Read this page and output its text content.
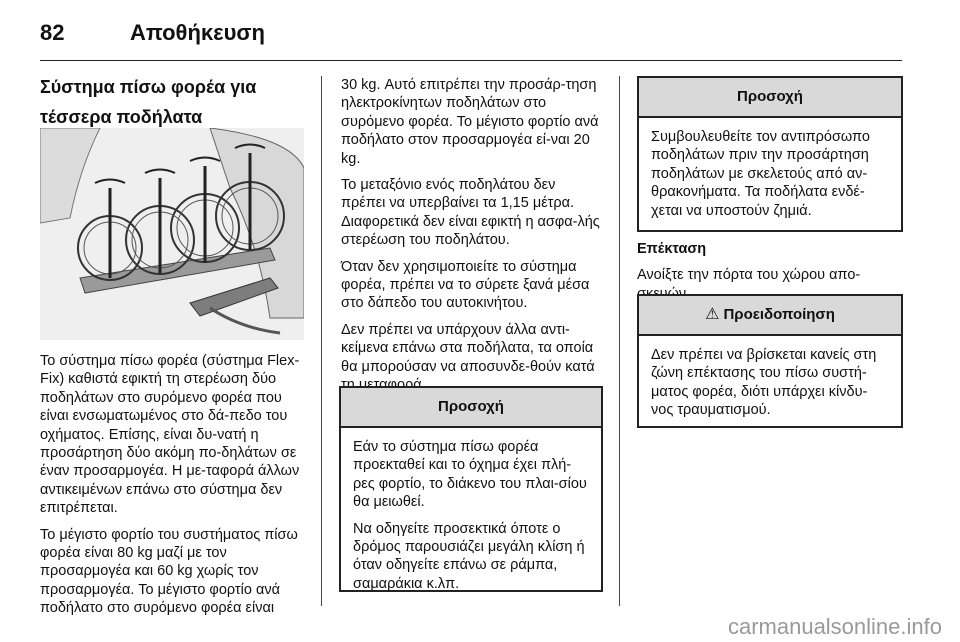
82	Αποθήκευση

Σύστημα πίσω φορέα για

τέσσερα ποδήλατα

Το σύστημα πίσω φορέα (σύστημα Flex-Fix) καθιστά εφικτή τη στερέωση δύο ποδηλάτων στο συρόμενο φορέα που είναι ενσωματωμένος στο δά-πεδο του οχήματος. Επίσης, είναι δυ-νατή η προσάρτηση δύο ακόμη πο-δηλάτων σε έναν προσαρμογέα. Η με-ταφορά άλλων αντικειμένων επάνω στο σύστημα δεν επιτρέπεται.

Το μέγιστο φορτίο του συστήματος πίσω φορέα είναι 80 kg μαζί με τον προσαρμογέα και 60 kg χωρίς τον προσαρμογέα. Το μέγιστο φορτίο ανά ποδήλατο στο συρόμενο φορέα είναι

30 kg. Αυτό επιτρέπει την προσάρ-τηση ηλεκτροκίνητων ποδηλάτων στο συρόμενο φορέα. Το μέγιστο φορτίο ανά ποδήλατο στον προσαρμογέα εί-ναι 20 kg.

Το μεταξόνιο ενός ποδηλάτου δεν πρέπει να υπερβαίνει τα 1,15 μέτρα. Διαφορετικά δεν είναι εφικτή η ασφα-λής στερέωση του ποδηλάτου.

Όταν δεν χρησιμοποιείτε το σύστημα φορέα, πρέπει να το σύρετε ξανά μέσα στο δάπεδο του αυτοκινήτου.

Δεν πρέπει να υπάρχουν άλλα αντι-κείμενα επάνω στα ποδήλατα, τα οποία θα μπορούσαν να αποσυνδε-θούν κατά

Προσοχή

Εάν το σύστημα πίσω φορέα προεκταθεί και το όχημα έχει πλή-ρες φορτίο, το διάκενο του πλαι-σίου θα μειωθεί.

Να οδηγείτε προσεκτικά όποτε ο δρόμος παρουσιάζει μεγάλη κλίση ή όταν οδηγείτε επάνω σε ράμπα, σαμαράκια κ.λπ.

Προσοχή
Συμβουλευθείτε τον αντιπρόσωπο ποδηλάτων πριν την προσάρτηση ποδηλάτων με σκελετούς από αν-θρακονήματα. Τα ποδήλατα ενδέ-χεται να υποστούν ζημιά.

Επέκταση

Ανοίξτε την πόρτα του χώρου απο-

⚠ Προειδοποίηση
Δεν πρέπει να βρίσκεται κανείς στη ζώνη επέκτασης του πίσω συστή-ματος φορέα, διότι υπάρχει κίνδυ-νος τραυματισμού.
carmanualsonline.info
